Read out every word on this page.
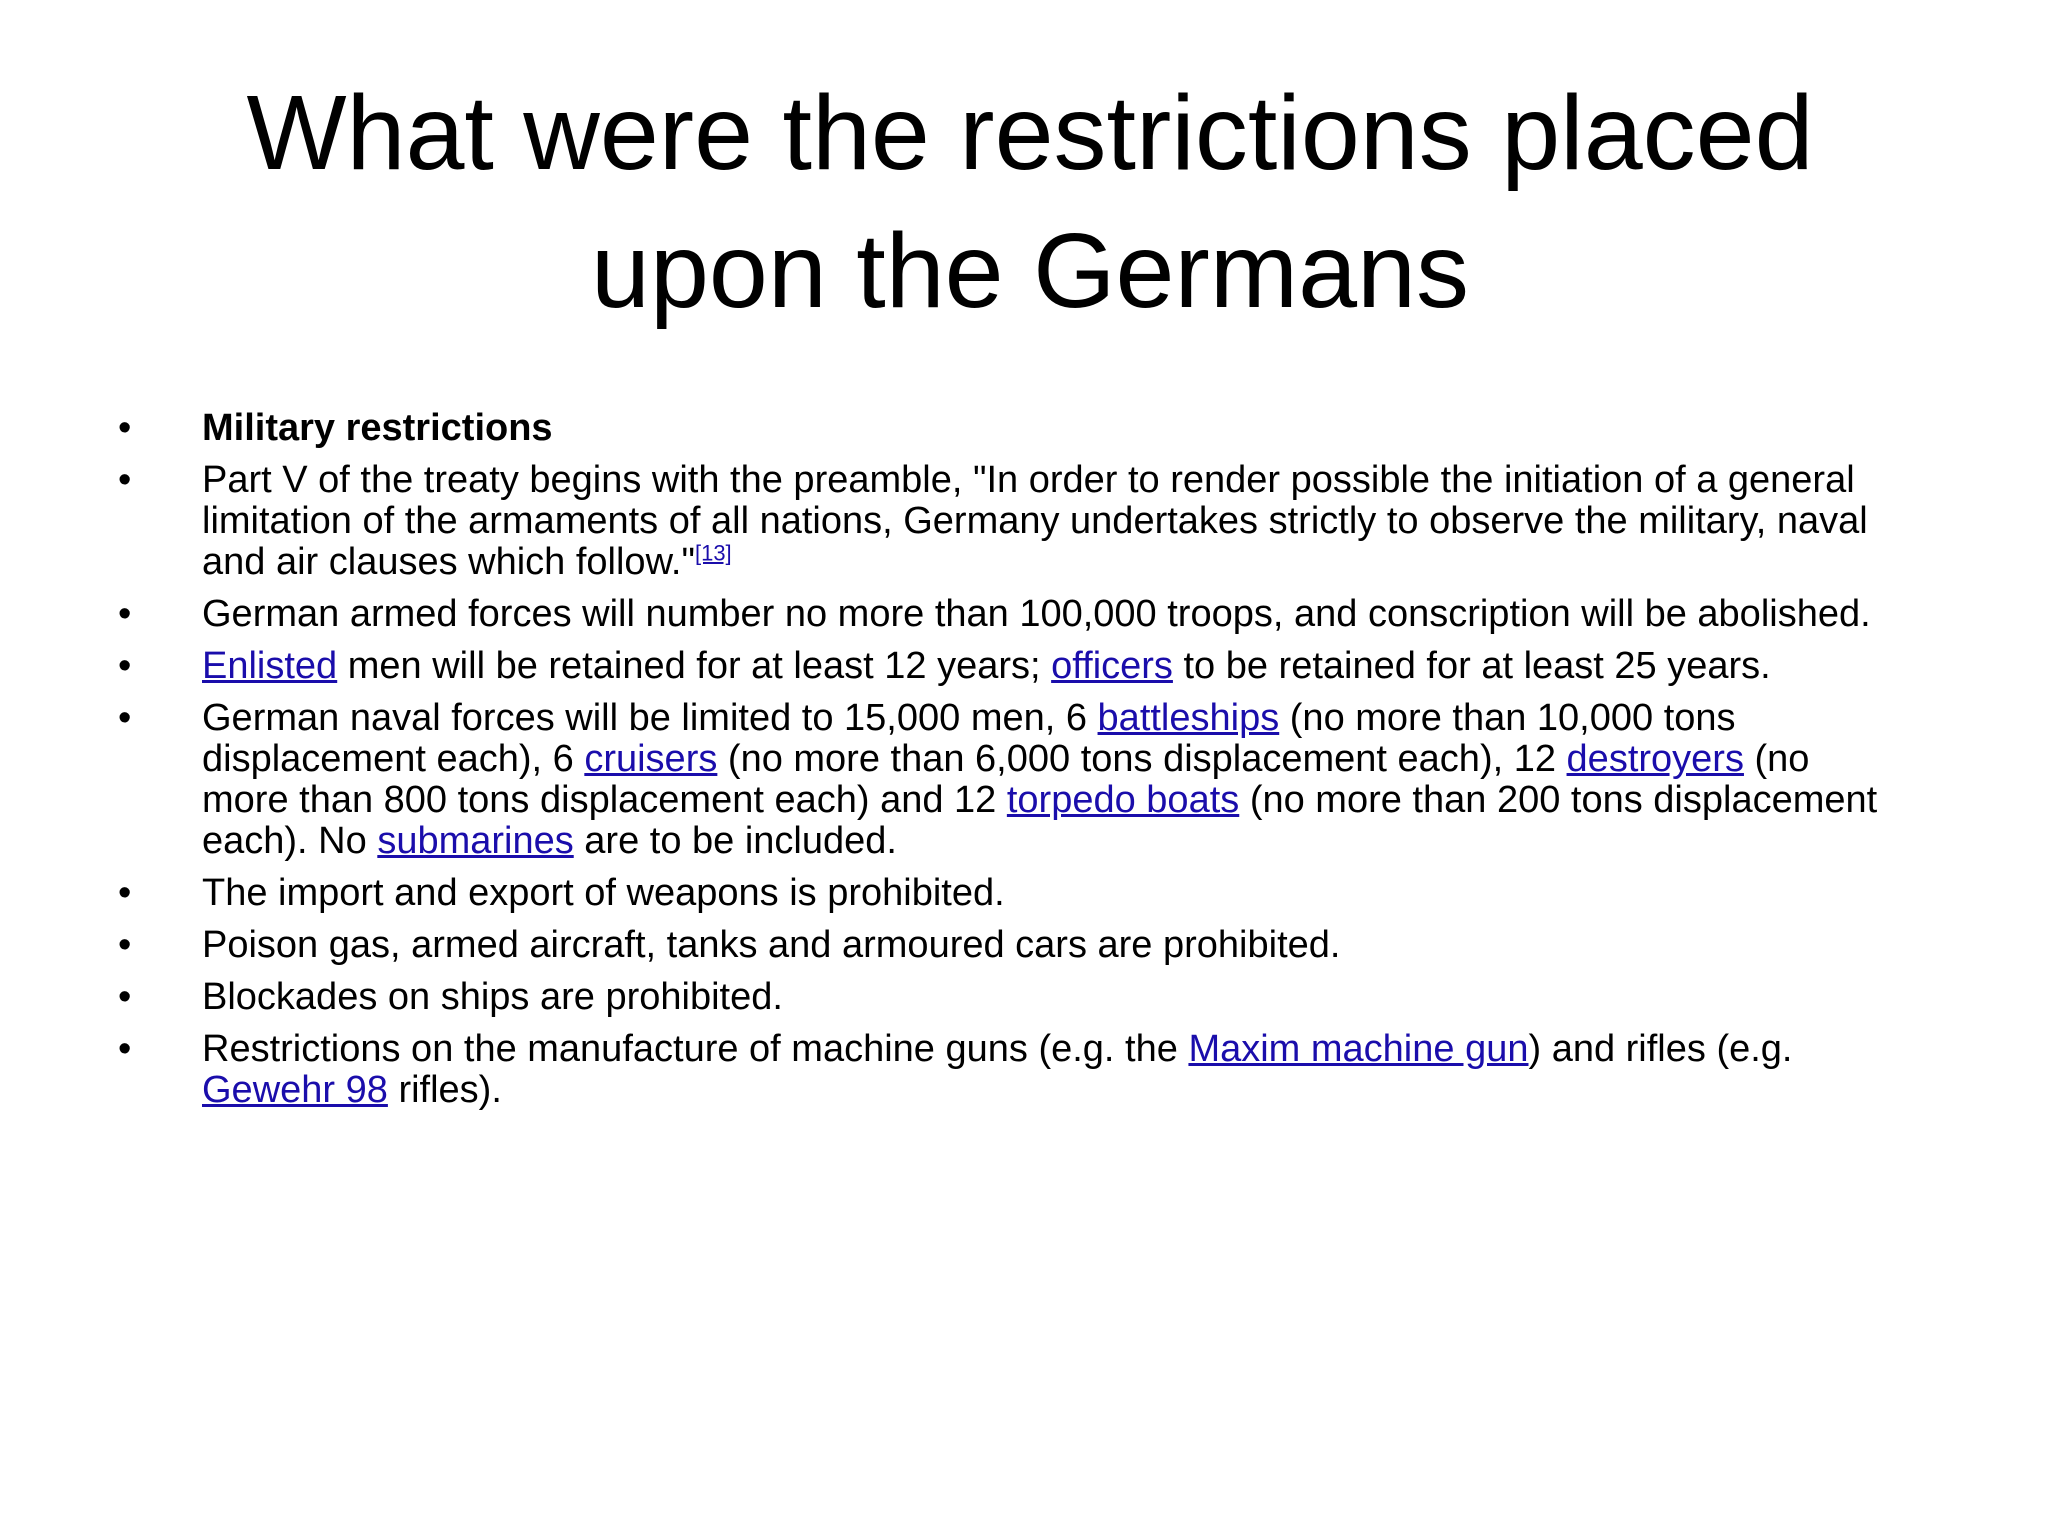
What were the restrictions placed
upon the Germans
•	Military restrictions
•	Part V of the treaty begins with the preamble, "In order to render possible the initiation of a general limitation of the armaments of all nations, Germany undertakes strictly to observe the military, naval and air clauses which follow."[13]
•	German armed forces will number no more than 100,000 troops, and conscription will be abolished.
•	Enlisted men will be retained for at least 12 years; officers to be retained for at least 25 years.
•	German naval forces will be limited to 15,000 men, 6 battleships (no more than 10,000 tons displacement each), 6 cruisers (no more than 6,000 tons displacement each), 12 destroyers (no more than 800 tons displacement each) and 12 torpedo boats (no more than 200 tons displacement each). No submarines are to be included.
•	The import and export of weapons is prohibited.
•	Poison gas, armed aircraft, tanks and armoured cars are prohibited.
•	Blockades on ships are prohibited.
•	Restrictions on the manufacture of machine guns (e.g. the Maxim machine gun) and rifles (e.g. Gewehr 98 rifles).
